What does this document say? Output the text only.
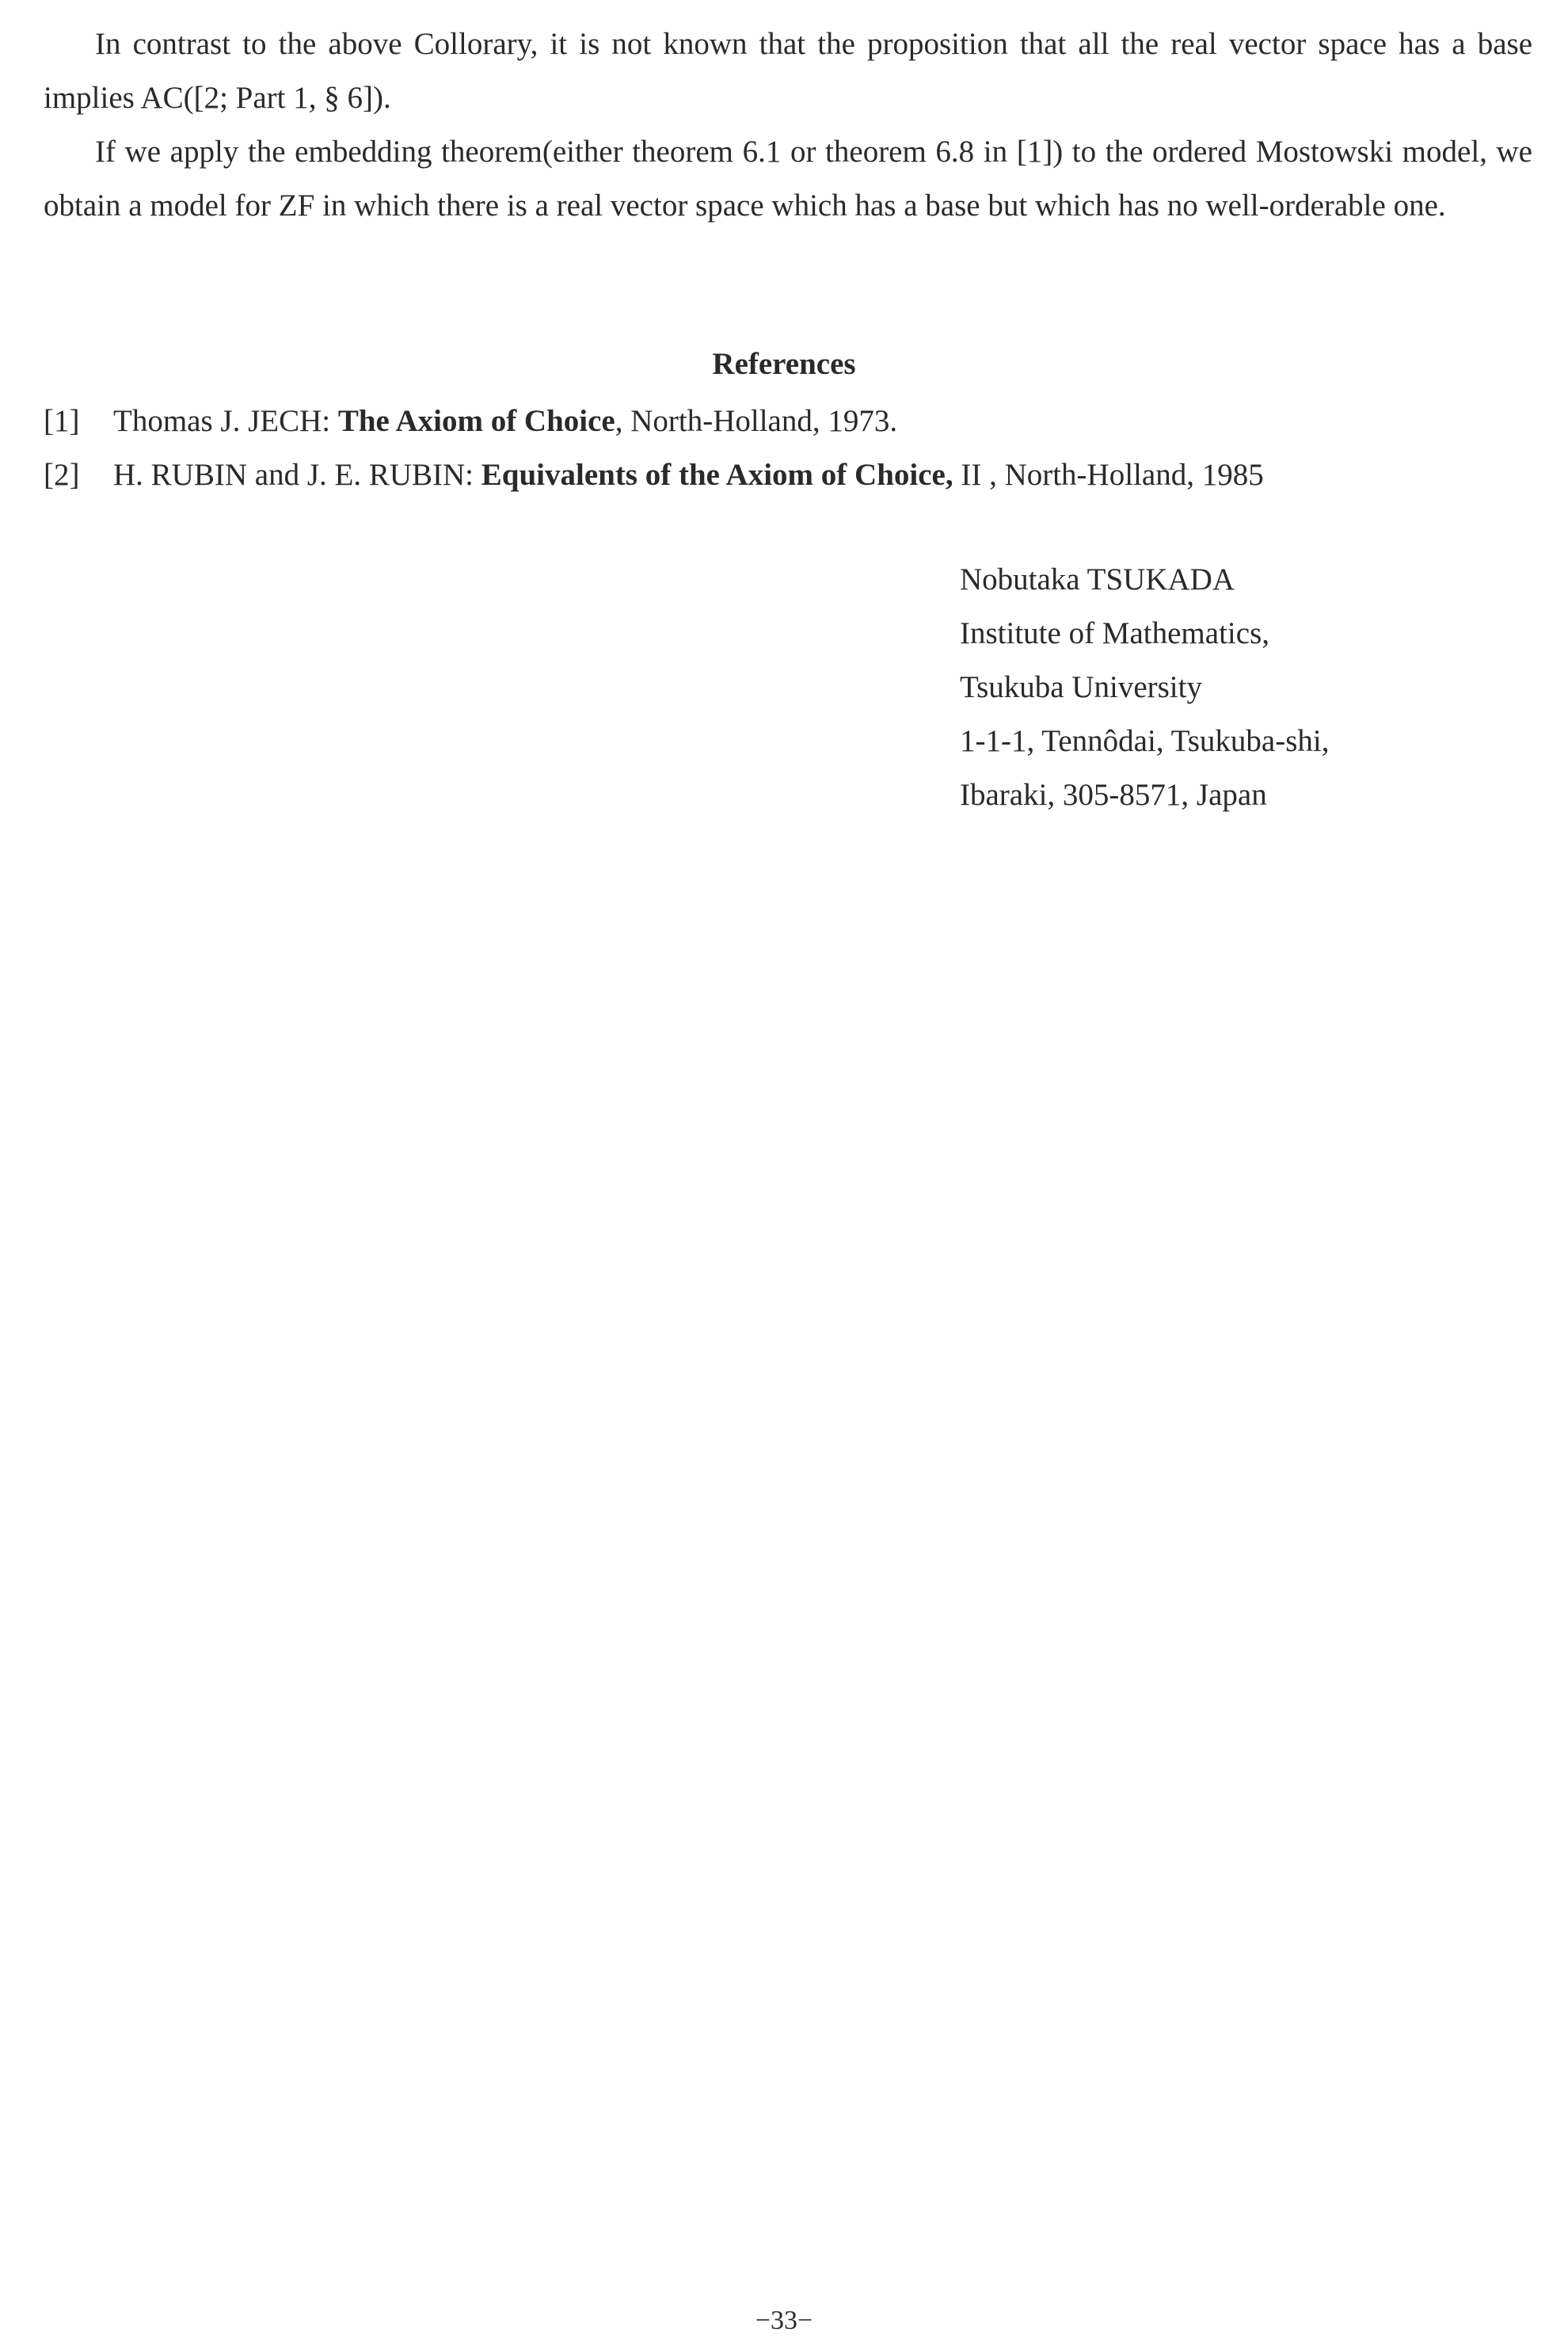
In contrast to the above Collorary, it is not known that the proposition that all the real vector space has a base implies AC([2; Part 1, § 6]).

If we apply the embedding theorem(either theorem 6.1 or theorem 6.8 in [1]) to the ordered Mostowski model, we obtain a model for ZF in which there is a real vector space which has a base but which has no well-orderable one.

References
[1] Thomas J. JECH: The Axiom of Choice, North-Holland, 1973.
[2] H. RUBIN and J. E. RUBIN: Equivalents of the Axiom of Choice, II , North-Holland, 1985
Nobutaka TSUKADA
Institute of Mathematics,
Tsukuba University
1-1-1, Tennôdai, Tsukuba-shi,
Ibaraki, 305-8571, Japan
−33−
